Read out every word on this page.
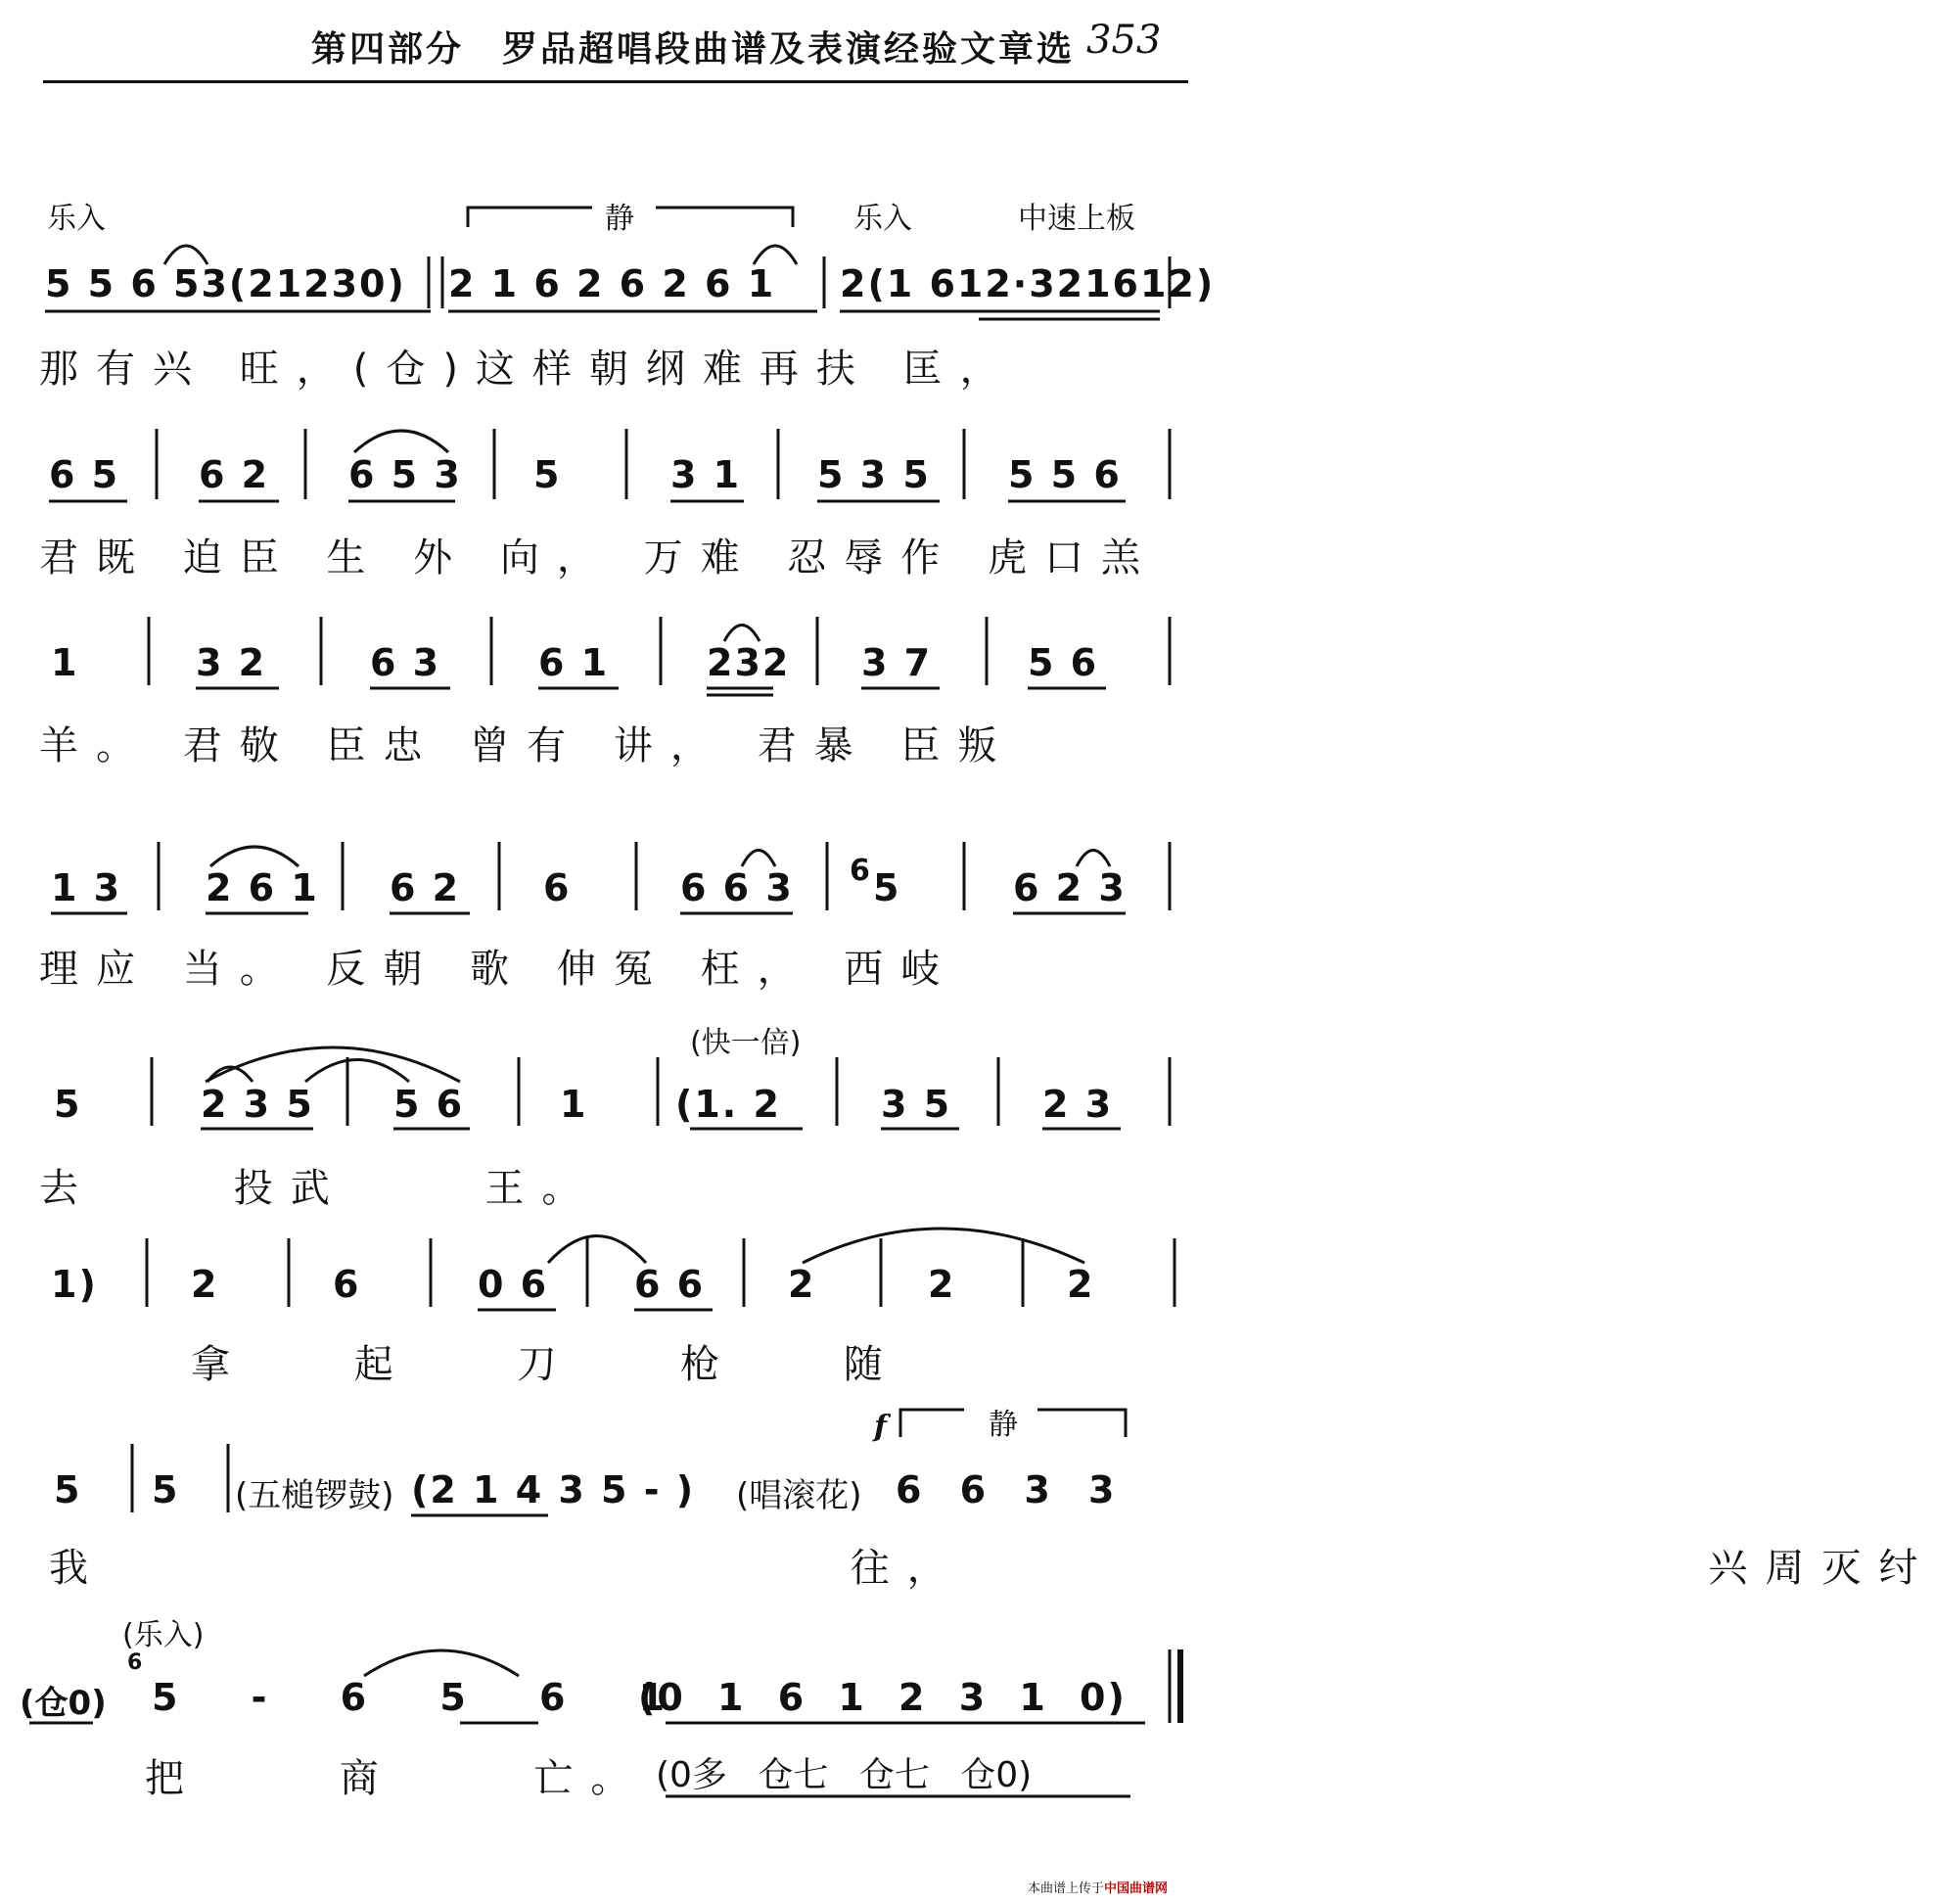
第四部分　罗品超唱段曲谱及表演经验文章选 353
乐入	静	乐入	中速上板
5 5 6 53(21230) 2 1 6 2 6 2 6 1 2(1 612·321612)
那有兴 旺，(仓)这样朝纲难再扶 匡，
6 5 6 2 6 5 3 5	3 1 5 3 5 5 5 6
君既 迫臣 生 外 向， 万难 忍辱作 虎口羔
1	3 2	6 3	6 1	232 3 7	5 6
羊。 君敬 臣忠 曾有 讲， 君暴 臣叛
1 3 2 6 1 6 2 6	6 6 3 6 5	6 2 3
理应 当。 反朝 歌 伸冤 枉， 西岐
(快一倍)
5	2 3 5 5 6	1 (1. 2	3 5 2 3
去 投武 王。
1)	2	6	0 6 6 6 2	2	2
拿 起 刀 枪 随
f	静
5 5 (五槌锣鼓) (2 1 4 3 5 - ) (唱滚花) 6 6 3 3
我 往， 兴周灭纣
(乐入)
(仓0)
6
5 - 6 5 6 1
(0 1 6 1 2 3 1 0)
把 商 亡。 (0多 仓七 仓七 仓0)
本曲谱上传于中国曲谱网
